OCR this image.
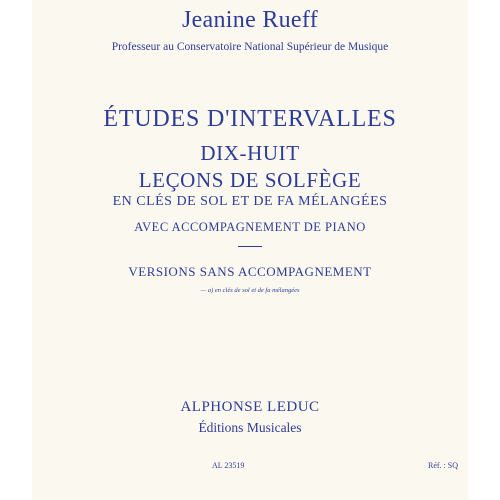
Jeanine Rueff
Professeur au Conservatoire National Supérieur de Musique
ÉTUDES D'INTERVALLES
DIX-HUIT
LEÇONS DE SOLFÈGE
EN CLÉS DE SOL ET DE FA MÉLANGÉES
AVEC ACCOMPAGNEMENT DE PIANO
VERSIONS SANS ACCOMPAGNEMENT
— a) en clés de sol et de fa mélangées
ALPHONSE LEDUC
Éditions Musicales
AL 23519	Réf. : SQ
